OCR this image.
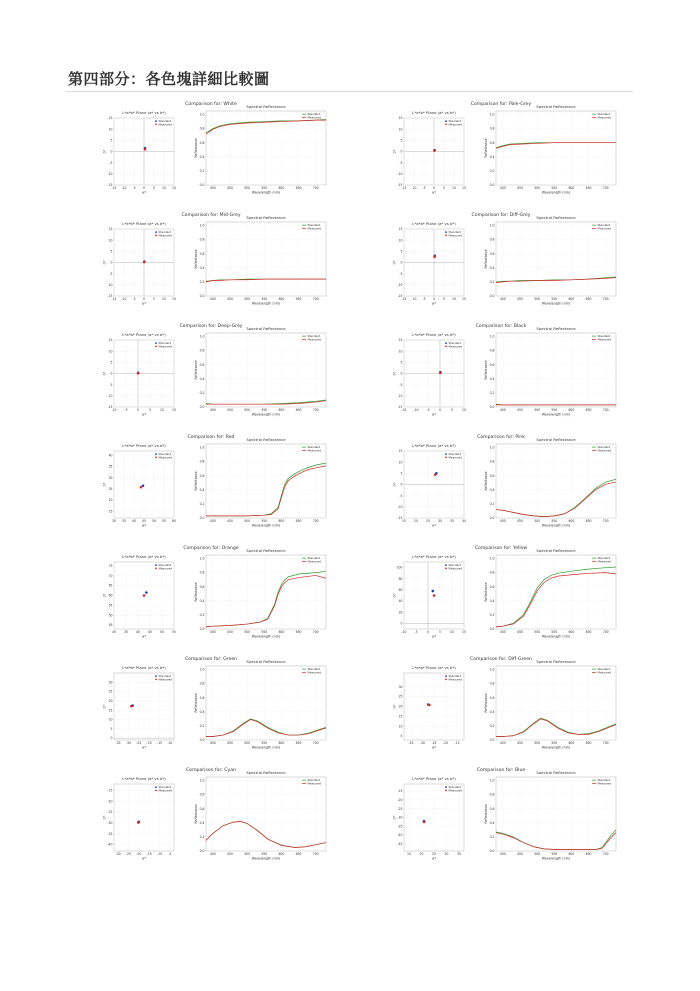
第四部分：各色塊詳細比較圖
Comparison for: White
L*a*b* Plane (a* vs b*)
-15 -10 -5 0	5 10 15
15
10
5
0
-5
-10
-15
a*
b*
Standard
Measured
Spectral Reflectance
400	450	500	550	600	650	700
0.0
0.2
0.4
0.6
0.8
1.0
Wavelength (nm)
Reflectance
Standard
Measured
Comparison for: Pale-Grey
L*a*b* Plane (a* vs b*)
-15 -10 -5 0	5 10 15
15
10
5
0
-5
-10
-15
a*
b*
Standard
Measured
Spectral Reflectance
400	450	500	550	600	650	700
0.0
0.2
0.4
0.6
0.8
1.0
Wavelength (nm)
Reflectance
Standard
Measured
Comparison for: Mid-Grey
L*a*b* Plane (a* vs b*)
-15 -10 -5 0	5 10 15
15
10
5
0
-5
-10
-15
a*
b*
Standard
Measured
Spectral Reflectance
400	450	500	550	600	650	700
0.0
0.2
0.4
0.6
0.8
1.0
Wavelength (nm)
Reflectance
Standard
Measured
Comparison for: Diff-Grey
L*a*b* Plane (a* vs b*)
-15 -10 -5 0	5 10 15
15
10
5
0
-5
-10
-15
a*
b*
Standard
Measured
Spectral Reflectance
400	450	500	550	600	650	700
0.0
0.2
0.4
0.6
0.8
1.0
Wavelength (nm)
Reflectance
Standard
Measured
Comparison for: Deep-Grey
L*a*b* Plane (a* vs b*)
-10	-5	0	5	10	15
15
10
5
0
-5
-10
-15
a*
b*
Standard
Measured
Spectral Reflectance
400	450	500	550	600	650	700
0.0
0.2
0.4
0.6
0.8
1.0
Wavelength (nm)
Reflectance
Standard
Measured
Comparison for: Black
L*a*b* Plane (a* vs b*)
-15 -10	-5	0	5	10
15
10
5
0
-5
-10
-15
a*
b*
Standard
Measured
Spectral Reflectance
400	450	500	550	600	650	700
0.0
0.2
0.4
0.6
0.8
1.0
Wavelength (nm)
Reflectance
Standard
Measured
Comparison for: Red
L*a*b* Plane (a* vs b*)
30 35 40 45 50 55 60
40
35
30
25
20
15
a*
b*
Standard
Measured
Spectral Reflectance
400	450	500	550	600	650	700
0.0
0.2
0.4
0.6
0.8
1.0
Wavelength (nm)
Reflectance
Standard
Measured
Comparison for: Pink
L*a*b* Plane (a* vs b*)
15	20	25	30	35	40
15
10
5
0
-5
-10
-15
a*
b*
Standard
Measured
Spectral Reflectance
400	450	500	550	600	650	700
0.0
0.2
0.4
0.6
0.8
1.0
Wavelength (nm)
Reflectance
Standard
Measured
Comparison for: Orange
L*a*b* Plane (a* vs b*)
30	35	40	45	50	55
75
70
65
60
55
50
45
a*
b*
Standard
Measured
Spectral Reflectance
400	450	500	550	600	650	700
0.0
0.2
0.4
0.6
0.8
1.0
Wavelength (nm)
Reflectance
Standard
Measured
Comparison for: Yellow
L*a*b* Plane (a* vs b*)
-10	-5	0	5	10	15
100
80
60
40
20
0
a*
b*
Standard
Measured
Spectral Reflectance
400	450	500	550	600	650	700
0.0
0.2
0.4
0.6
0.8
1.0
Wavelength (nm)
Reflectance
Standard
Measured
Comparison for: Green
L*a*b* Plane (a* vs b*)
-35 -30 -25 -20 -15 -10
30
25
20
15
10
5
0
a*
b*
Standard
Measured
Spectral Reflectance
400	450	500	550	600	650	700
0.0
0.2
0.4
0.6
0.8
1.0
Wavelength (nm)
Reflectance
Standard
Measured
Comparison for: Diff-Green
L*a*b* Plane (a* vs b*)
-35 -30 -25 -20 -15
30
25
20
15
10
5
a*
b*
Standard
Measured
Spectral Reflectance
400	450	500	550	600	650	700
0.0
0.2
0.4
0.6
0.8
1.0
Wavelength (nm)
Reflectance
Standard
Measured
Comparison for: Cyan
L*a*b* Plane (a* vs b*)
-30 -25 -20 -15 -10 -5
-15
-20
-25
-30
-35
-40
a*
b*
Standard
Measured
Spectral Reflectance
400	450	500	550	600	650	700
0.0
0.2
0.4
0.6
0.8
1.0
Wavelength (nm)
Reflectance
Standard
Measured
Comparison for: Blue
L*a*b* Plane (a* vs b*)
15	20	25	30	35
-15
-20
-25
-30
-35
-40
-45
a*
b*
Standard
Measured
Spectral Reflectance
400	450	500	550	600	650	700
0.0
0.2
0.4
0.6
0.8
1.0
Wavelength (nm)
Reflectance
Standard
Measured
